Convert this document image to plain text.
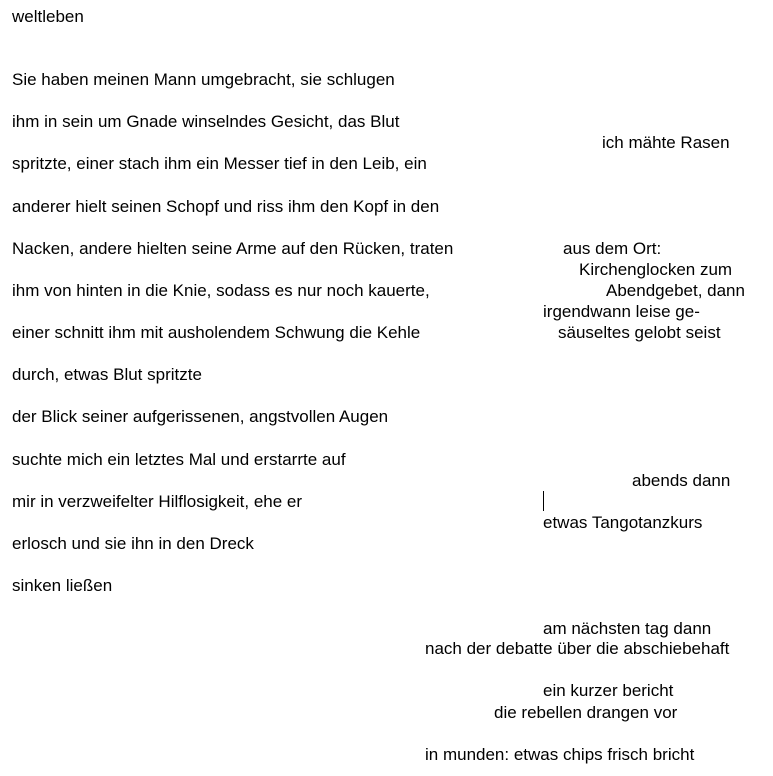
weltleben
Sie haben meinen Mann umgebracht, sie schlugen
ihm in sein um Gnade winselndes Gesicht, das Blut
spritzte, einer stach ihm ein Messer tief in den Leib, ein
anderer hielt seinen Schopf und riss ihm den Kopf in den
Nacken, andere hielten seine Arme auf den Rücken, traten
ihm von hinten in die Knie, sodass es nur noch kauerte,
einer schnitt ihm mit ausholendem Schwung die Kehle
durch, etwas Blut spritzte
der Blick seiner aufgerissenen, angstvollen Augen
suchte mich ein letztes Mal und erstarrte auf
mir in verzweifelter Hilflosigkeit, ehe er
erlosch und sie ihn in den Dreck
sinken ließen
ich mähte Rasen
aus dem Ort:
Kirchenglocken zum
Abendgebet, dann
irgendwann leise ge-
säuseltes gelobt seist
abends dann
etwas Tangotanzkurs
am nächsten tag dann
nach der debatte über die abschiebehaft
ein kurzer bericht
die rebellen drangen vor
in munden: etwas chips frisch bricht
